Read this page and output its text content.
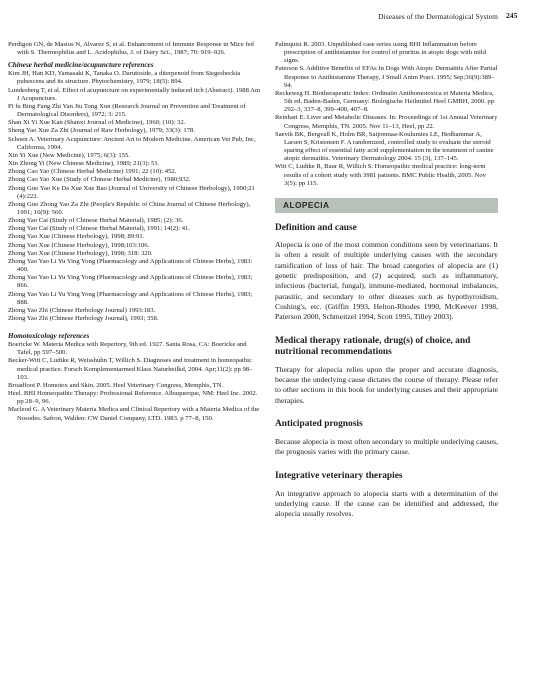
Diseases of the Dermatological System 245
Perdigon GN, de Masius N, Alvarez S, et al. Enhancement of Immune Response in Mice fed with S. Thermophilus and L. Acidophilus, J. of Dairy Sci., 1987; 70: 919–926.
Chinese herbal medicine/acupuncture references
Kim JH, Han KD, Yamasaki K, Tanaka O. Darutoside, a diterpenoid from Siegesbeckia pubescens and its structure. Phytochemistry, 1979; 18(5): 894.
Lundesberg T, et al. Effect of acupuncture on experimentally induced itch (Abstract). 1988 Am J Acupuncture.
Pi fu Bing Fang Zhi Yan Jiu Tong Xun (Research Journal on Prevention and Treatment of Dermatological Disorders), 1972; 3: 215.
Shan Xi Yi Xue Kan (Shanxi Journal of Medicine), 1960; (10): 32.
Sheng Yao Xue Za Zhi (Journal of Raw Herbology), 1979; 33(3): 178.
Schoen A. Veterinary Acupuncture: Ancient Art to Modern Medicine. American Vet Pub, Inc, California, 1994.
Xin Yi Xue (New Medicine), 1975; 6(3): 155.
Xin Zhong Yi (New Chinese Medicine), 1989; 21(3): 51.
Zhong Cao Yao (Chinese Herbal Medicine) 1991; 22 (10): 452.
Zhong Cao Yao Xue (Study of Chinese Herbal Medicine), 1980;932.
Zhong Guo Yao Ke Da Xue Xue Bao (Journal of University of Chinese Herbology), 1990;21 (4):222.
Zhong Guo Zhong Yao Za Zhi (People's Republic of China Journal of Chinese Herbology), 1991; 16(9): 560.
Zhong Yao Cai (Study of Chinese Herbal Material), 1985; (2): 36.
Zhong Yao Cai (Study of Chinese Herbal Material), 1991; 14(2): 41.
Zhong Yao Xue (Chinese Herbology), 1998; 89:91.
Zhong Yao Xue (Chinese Herbology), 1998;103:106.
Zhong Yao Xue (Chinese Herbology), 1998; 318: 320.
Zhong Yao Yao Li Yu Ying Yong (Pharmacology and Applications of Chinese Herbs), 1983: 400.
Zhong Yao Yao Li Yu Ying Yong (Pharmacology and Applications of Chinese Herbs), 1983; 866.
Zhong Yao Yao Li Yu Ying Yong (Pharmacology and Applications of Chinese Herbs), 1983; 888.
Zhong Yao Zhi (Chinese Herbology Journal) 1993:183.
Zhong Yao Zhi (Chinese Herbology Journal), 1993; 358.
Homotoxicology references
Boericke W. Materia Medica with Repertory, 9th ed. 1927. Santa Rosa, CA: Boericke and Tafel, pp 597–500.
Becker-Witt C, Ludtke R, Weisshuhn T, Willich S. Diagnoses and treatment in homeopathic medical practice. Forsch Komplementarmed Klass Naturheilkd, 2004. Apr;11(2): pp 98–103.
Broadfoot P. Homotox and Skin. 2005. Heel Veterinary Congress, Memphis, TN.
Heel. BHI Homeopathic Therapy: Professional Reference. Albuquerque, NM: Heel Inc. 2002. pp 28–9, 96.
Macleod G. A Veterinary Materia Medica and Clinical Repertory with a Materia Medica of the Nosodes. Safron, Walden: CW Daniel Company, LTD. 1983. p 77–8, 150.
Palmquist R. 2003. Unpublished case series using BHI Inflammation before prescription of antihistamine for control of pruritus in atopic dogs with mild signs.
Paterson S. Additive Benefits of EFAs In Dogs With Atopic Dermatitis After Partial Response to Antihistamine Therapy, J Small Anim Pract. 1995; Sep;36(9):389–94.
Reckeweg H. Biotherapeutic Index: Ordinatio Antihomotoxica et Materia Medica, 5th ed. Baden-Baden, Germany: Biologische Heilmittel Heel GMBH, 2000. pp 292–3, 337–8, 399–400, 407–8.
Reinhart E. Liver and Metabolic Diseases. In: Proceedings of 1st Annual Veterinary Congress, Memphis, TN. 2005. Nov 11–13, Heel, pp 22.
Saevik BK, Bergvall K, Holm BR, Saijonmaa-Koulumies LE, Hedhammar A, Larsen S, Kristensen F. A randomized, controlled study to evaluate the steroid sparing effect of essential fatty acid supplementation in the treatment of canine atopic dermatitis. Veterinary Dermatology 2004. 15 (3), 137–145.
Witt C, Ludtke R, Baur R, Willich S. Homeopathic medical practice: long-term results of a cohort study with 3981 patients. BMC Public Health, 2005. Nov 3(5): pp 115.
ALOPECIA
Definition and cause
Alopecia is one of the most common conditions seen by veterinarians. It is often a result of multiple underlying causes with the secondary ramification of loss of hair. The broad categories of alopecia are (1) genetic predisposition, and (2) acquired, such as inflammatory, infectious (bacterial, fungal), immune-mediated, hormonal imbalances, parasitic, and secondary to other diseases such as hypothyroidism, Cushing's, etc. (Griffin 1993, Helton-Rhodes 1990, McKeever 1998, Paterson 2000, Schmeitzel 1994, Scott 1995, Tilley 2003).
Medical therapy rationale, drug(s) of choice, and nutritional recommendations
Therapy for alopecia relies upon the proper and accurate diagnosis, because the underlying cause dictates the course of therapy. Please refer to other sections in this book for underlying causes and their appropriate therapies.
Anticipated prognosis
Because alopecia is most often secondary to multiple underlying causes, the prognosis varies with the primary cause.
Integrative veterinary therapies
An integrative approach to alopecia starts with a determination of the underlying cause. If the cause can be identified and addressed, the alopecia usually resolves.
